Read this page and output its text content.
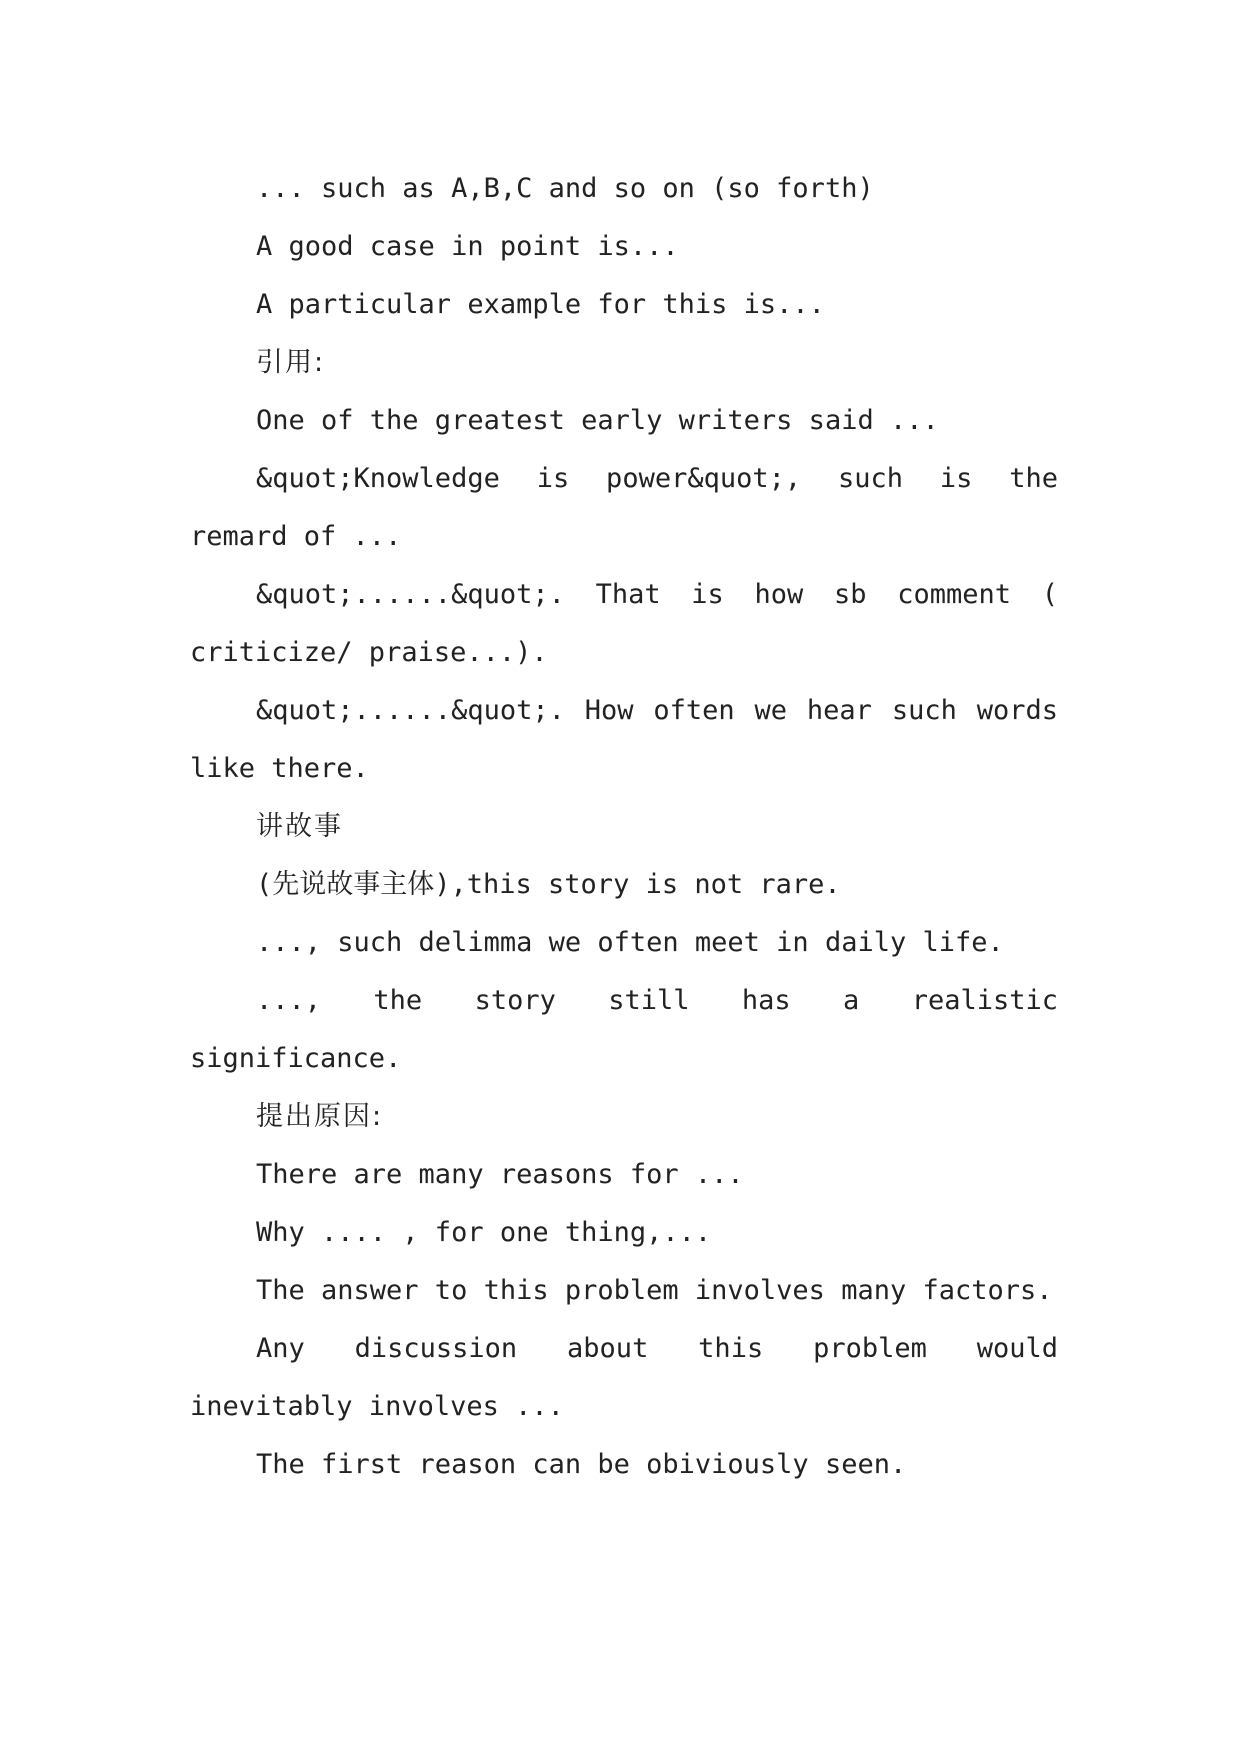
... such as A,B,C and so on (so forth)

A good case in point is...

A particular example for this is...

引用:

One of the greatest early writers said ...

&quot;Knowledge is power&quot;, such is the remard of ...

&quot;......&quot;. That is how sb comment ( criticize/ praise...).

&quot;......&quot;. How often we hear such words like there.

讲故事

(先说故事主体),this story is not rare.

..., such delimma we often meet in daily life.

..., the story still has a realistic significance.

提出原因:

There are many reasons for ...

Why .... , for one thing,...

The answer to this problem involves many factors.

Any discussion about this problem would inevitably involves ...

The first reason can be obiviously seen.
